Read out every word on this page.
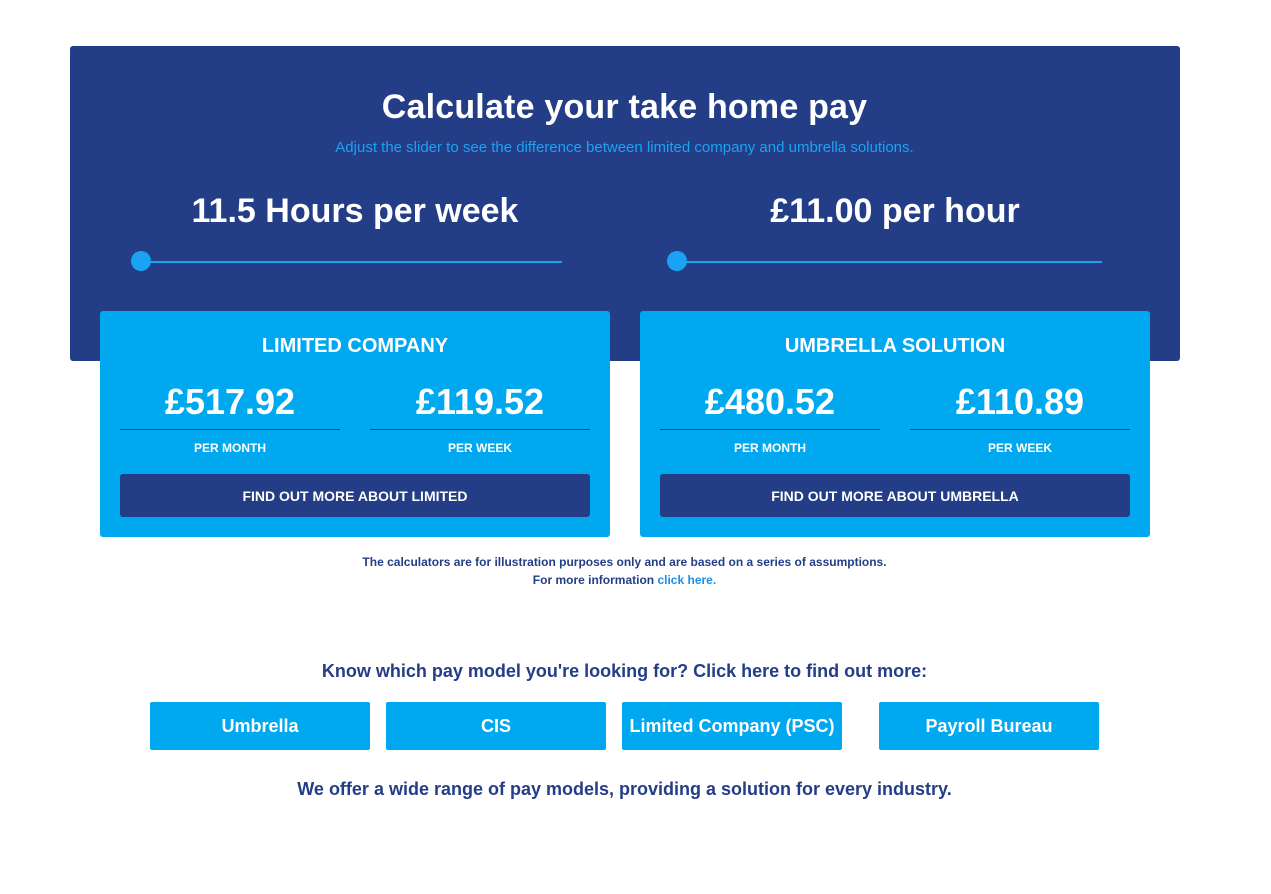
Calculate your take home pay
Adjust the slider to see the difference between limited company and umbrella solutions.
11.5 Hours per week	£11.00 per hour
LIMITED COMPANY
£517.92	£119.52
PER MONTH	PER WEEK
FIND OUT MORE ABOUT LIMITED
UMBRELLA SOLUTION
£480.52	£110.89
PER MONTH	PER WEEK
FIND OUT MORE ABOUT UMBRELLA
The calculators are for illustration purposes only and are based on a series of assumptions.
For more information click here.
Know which pay model you're looking for? Click here to find out more:
Umbrella	CIS	Limited Company (PSC)	Payroll Bureau
We offer a wide range of pay models, providing a solution for every industry.
